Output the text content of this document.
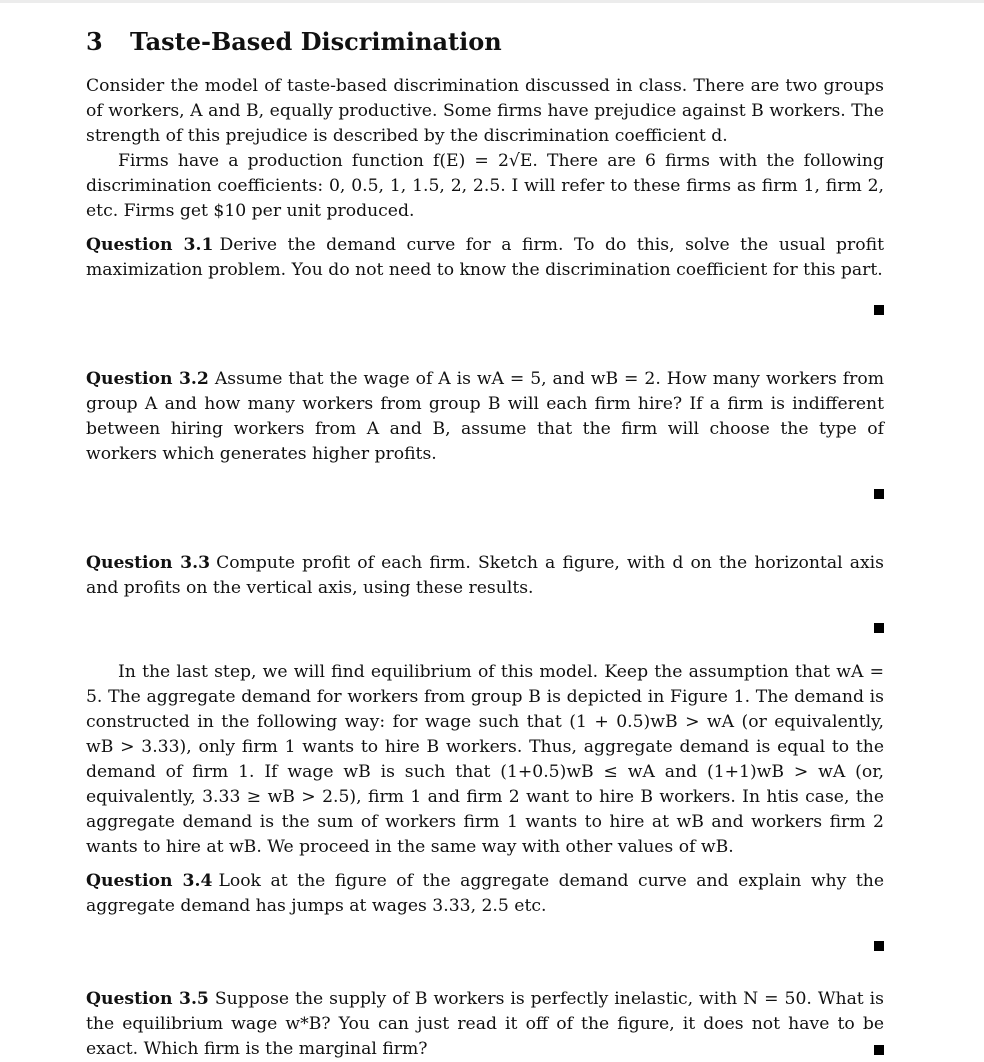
3 Taste-Based Discrimination

Consider the model of taste-based discrimination discussed in class. There are two groups of workers, A and B, equally productive. Some firms have prejudice against B workers. The strength of this prejudice is described by the discrimination coefficient d.

Firms have a production function f(E) = 2√E. There are 6 firms with the following discrimination coefficients: 0, 0.5, 1, 1.5, 2, 2.5. I will refer to these firms as firm 1, firm 2, etc. Firms get $10 per unit produced.

Question 3.1 Derive the demand curve for a firm. To do this, solve the usual profit maximization problem. You do not need to know the discrimination coefficient for this part.

Question 3.2 Assume that the wage of A is wA = 5, and wB = 2. How many workers from group A and how many workers from group B will each firm hire? If a firm is indifferent between hiring workers from A and B, assume that the firm will choose the type of workers which generates higher profits.

Question 3.3 Compute profit of each firm. Sketch a figure, with d on the horizontal axis and profits on the vertical axis, using these results.

In the last step, we will find equilibrium of this model. Keep the assumption that wA = 5. The aggregate demand for workers from group B is depicted in Figure 1. The demand is constructed in the following way: for wage such that (1 + 0.5)wB > wA (or equivalently, wB > 3.33), only firm 1 wants to hire B workers. Thus, aggregate demand is equal to the demand of firm 1. If wage wB is such that (1+0.5)wB ≤ wA and (1+1)wB > wA (or, equivalently, 3.33 ≥ wB > 2.5), firm 1 and firm 2 want to hire B workers. In htis case, the aggregate demand is the sum of workers firm 1 wants to hire at wB and workers firm 2 wants to hire at wB. We proceed in the same way with other values of wB.

Question 3.4 Look at the figure of the aggregate demand curve and explain why the aggregate demand has jumps at wages 3.33, 2.5 etc.

Question 3.5 Suppose the supply of B workers is perfectly inelastic, with N = 50. What is the equilibrium wage w*B? You can just read it off of the figure, it does not have to be exact. Which firm is the marginal firm?
